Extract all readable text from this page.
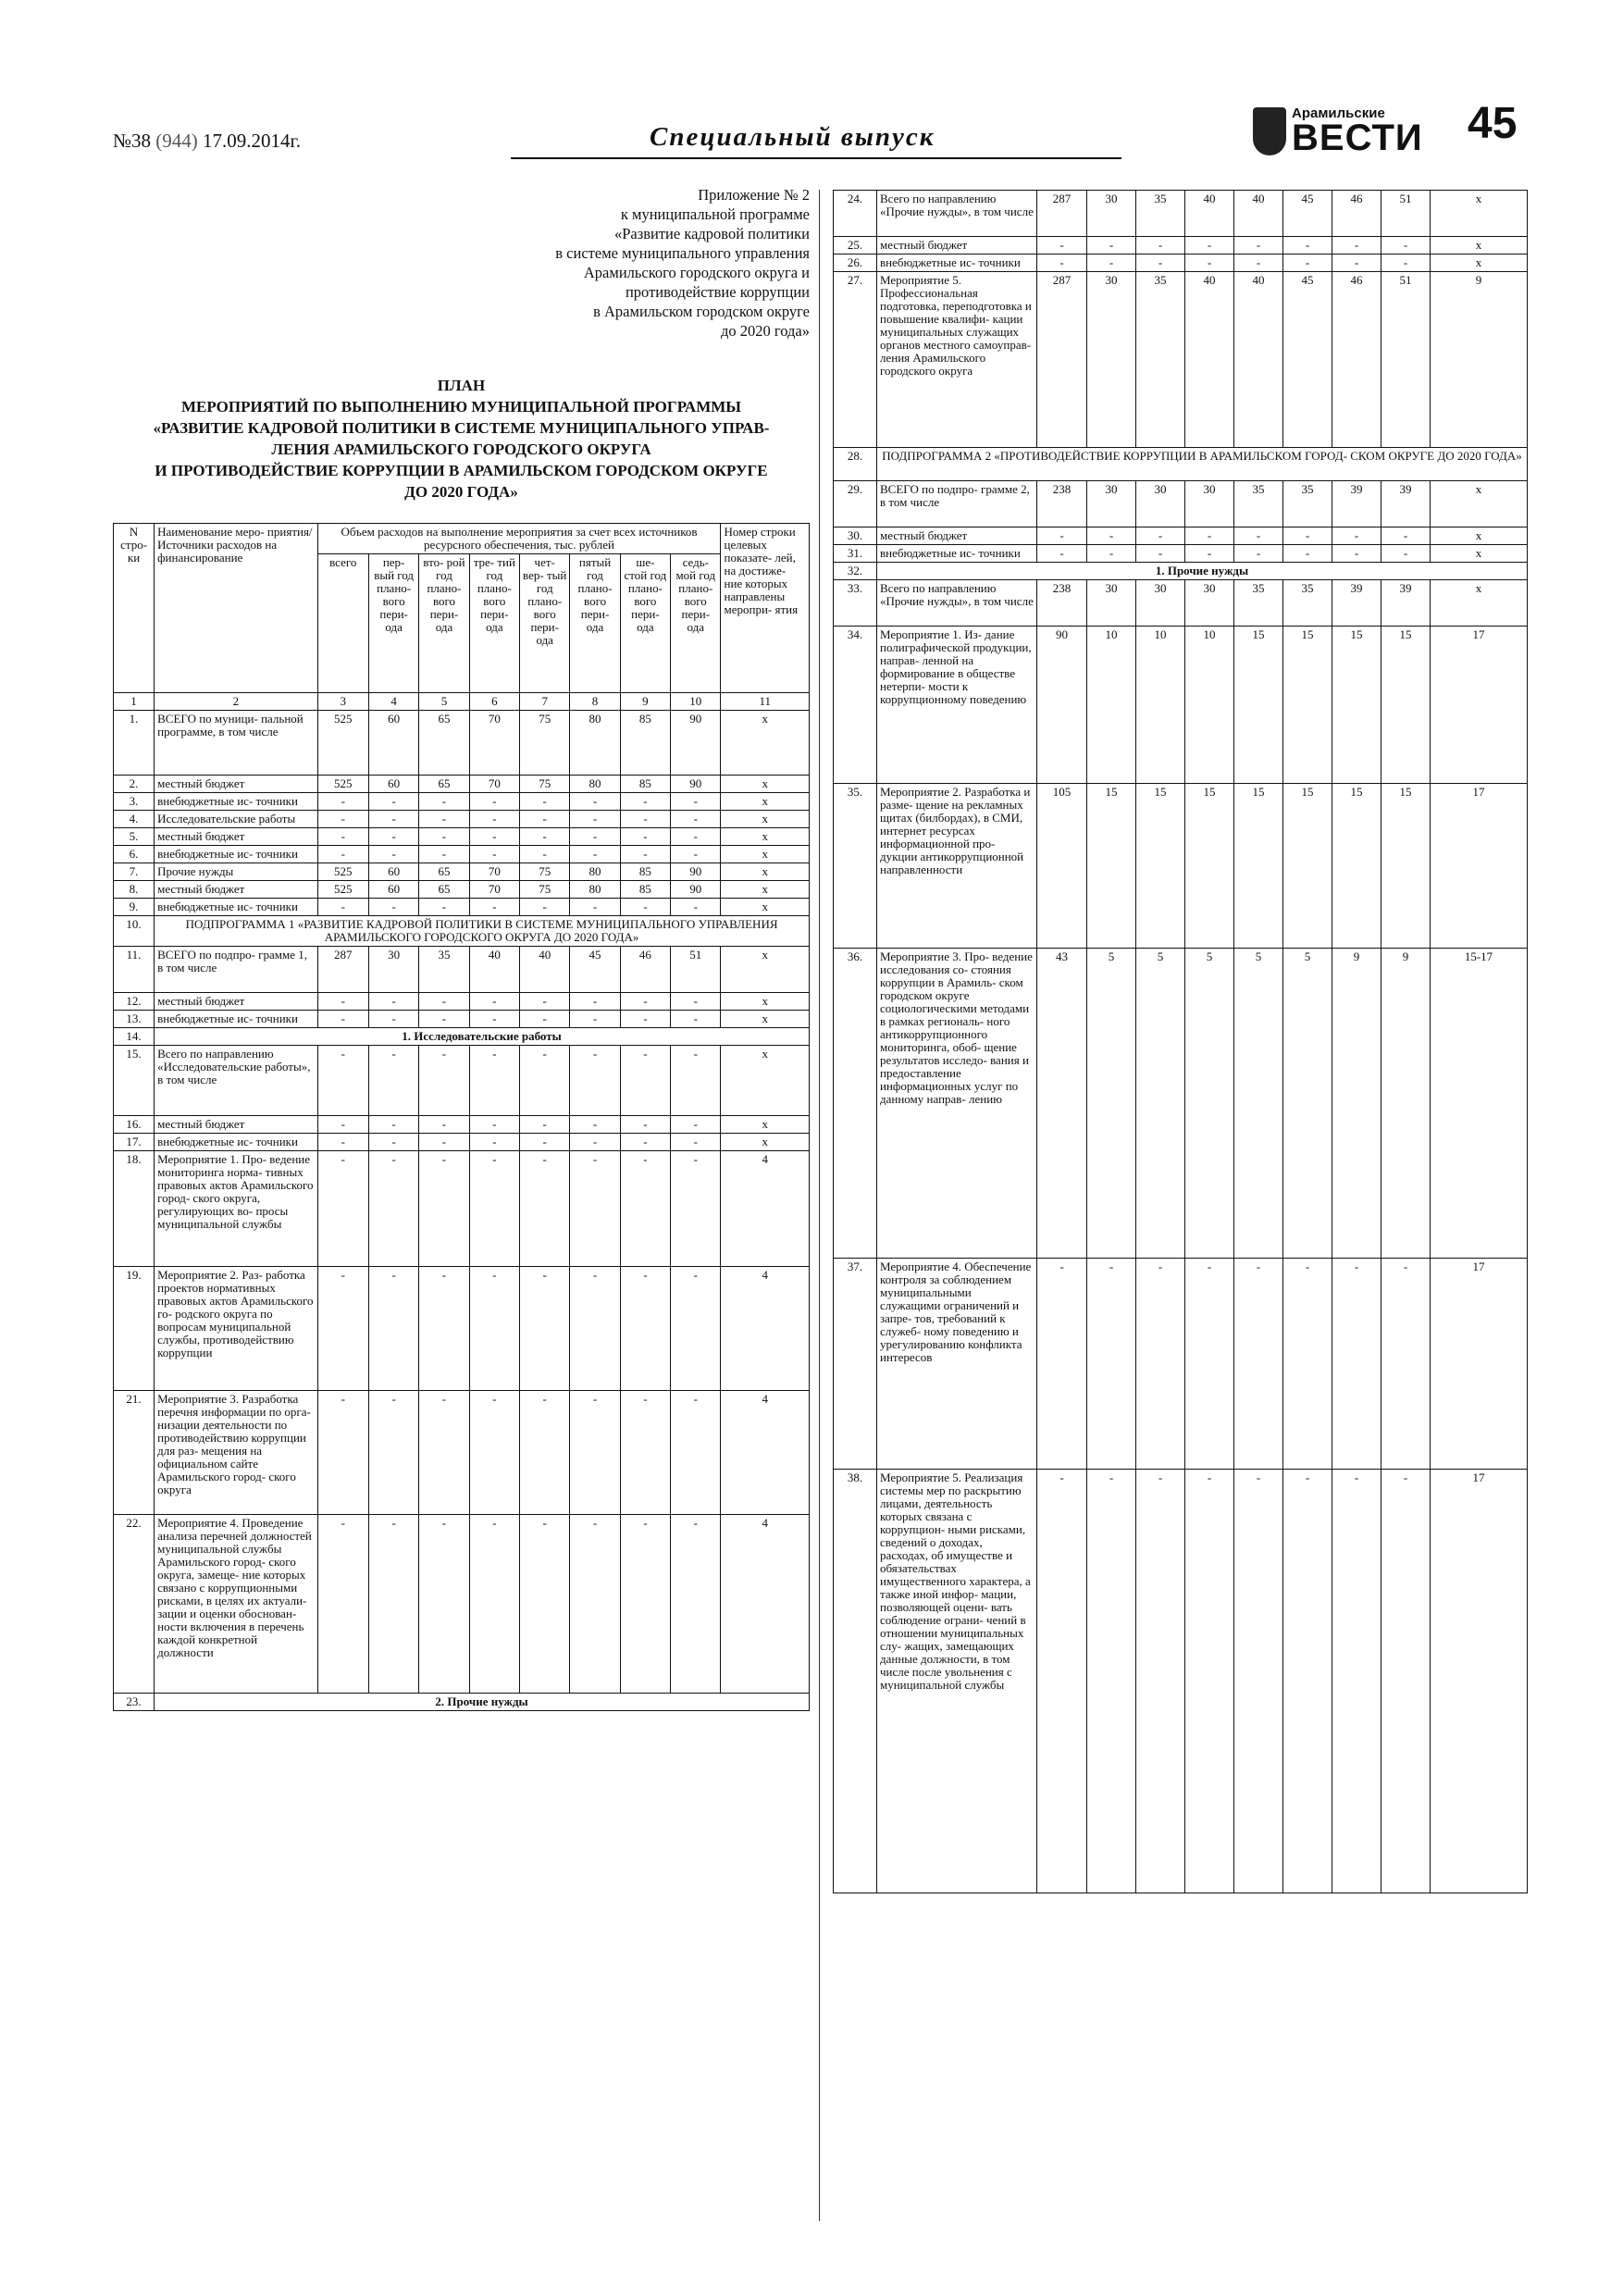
№38 (944) 17.09.2014г.	Специальный выпуск
Арамильские
ВЕСТИ 45
Приложение № 2
к муниципальной программе
«Развитие кадровой политики
в системе муниципального управления
Арамильского городского округа и
противодействие коррупции
в Арамильском городском округе
до 2020 года»
ПЛАН
МЕРОПРИЯТИЙ ПО ВЫПОЛНЕНИЮ МУНИЦИПАЛЬНОЙ ПРОГРАММЫ
«РАЗВИТИЕ КАДРОВОЙ ПОЛИТИКИ В СИСТЕМЕ МУНИЦИПАЛЬНОГО УПРАВ-
ЛЕНИЯ АРАМИЛЬСКОГО ГОРОДСКОГО ОКРУГА
И ПРОТИВОДЕЙСТВИЕ КОРРУПЦИИ В АРАМИЛЬСКОМ ГОРОДСКОМ ОКРУГЕ
ДО 2020 ГОДА»
N стро- ки	Наименование меро- приятия/ Источники расходов на финансирование	Объем расходов на выполнение мероприятия за счет всех источников ресурсного обеспечения, тыс. рублей								Номер строки целевых показате- лей, на достиже- ние которых направлены меропри- ятия
		всего	пер- вый год плано- вого пери- ода	вто- рой год плано- вого пери- ода	тре- тий год плано- вого пери- ода	чет- вер- тый год плано- вого пери- ода	пятый год плано- вого пери- ода	ше- стой год плано- вого пери- ода	седь- мой год плано- вого пери- ода	
1	2	3	4	5	6	7	8	9	10	11
1.	ВСЕГО по муници- пальной программе, в том числе	525	60	65	70	75	80	85	90	x
2.	местный бюджет	525	60	65	70	75	80	85	90	x
3.	внебюджетные ис- точники	-	-	-	-	-	-	-	-	x
4.	Исследовательские работы	-	-	-	-	-	-	-	-	x
5.	местный бюджет	-	-	-	-	-	-	-	-	x
6.	внебюджетные ис- точники	-	-	-	-	-	-	-	-	x
7.	Прочие нужды	525	60	65	70	75	80	85	90	x
8.	местный бюджет	525	60	65	70	75	80	85	90	x
9.	внебюджетные ис- точники	-	-	-	-	-	-	-	-	x
10.	ПОДПРОГРАММА 1 «РАЗВИТИЕ КАДРОВОЙ ПОЛИТИКИ В СИСТЕМЕ МУНИЦИПАЛЬНОГО УПРАВЛЕНИЯ АРАМИЛЬСКОГО ГОРОДСКОГО ОКРУГА ДО 2020 ГОДА»									
11.	ВСЕГО по подпро- грамме 1, в том числе	287	30	35	40	40	45	46	51	x
12.	местный бюджет	-	-	-	-	-	-	-	-	x
13.	внебюджетные ис- точники	-	-	-	-	-	-	-	-	x
14.	1. Исследовательские работы									
15.	Всего по направлению «Исследовательские работы», в том числе	-	-	-	-	-	-	-	-	x
16.	местный бюджет	-	-	-	-	-	-	-	-	x
17.	внебюджетные ис- точники	-	-	-	-	-	-	-	-	x
18.	Мероприятие 1. Про- ведение мониторинга норма- тивных правовых актов Арамильского город- ского округа, регулирующих во- просы муниципальной службы	-	-	-	-	-	-	-	-	4
19.	Мероприятие 2. Раз- работка проектов нормативных правовых актов Арамильского го- родского округа по вопросам муниципальной службы, противодействию коррупции	-	-	-	-	-	-	-	-	4
21.	Мероприятие 3. Разработка перечня информации по орга- низации деятельности по противодействию коррупции для раз- мещения на официальном сайте Арамильского город- ского округа	-	-	-	-	-	-	-	-	4
22.	Мероприятие 4. Проведение анализа перечней должностей муниципальной службы Арамильского город- ского округа, замеще- ние которых связано с коррупционными рисками, в целях их актуали- зации и оценки обоснован- ности включения в перечень каждой конкретной должности	-	-	-	-	-	-	-	-	4
23.	2. Прочие нужды									
24.	Всего по направлению «Прочие нужды», в том числе	287	30	35	40	40	45	46	51	x
25.	местный бюджет	-	-	-	-	-	-	-	-	x
26.	внебюджетные ис- точники	-	-	-	-	-	-	-	-	x
27.	Мероприятие 5. Профессиональная подготовка, переподготовка и повышение квалифи- кации муниципальных служащих органов местного самоуправ- ления Арамильского городского округа	287	30	35	40	40	45	46	51	9
28.	ПОДПРОГРАММА 2 «ПРОТИВОДЕЙСТВИЕ КОРРУПЦИИ В АРАМИЛЬСКОМ ГОРОД- СКОМ ОКРУГЕ ДО 2020 ГОДА»									
29.	ВСЕГО по подпро- грамме 2, в том числе	238	30	30	30	35	35	39	39	x
30.	местный бюджет	-	-	-	-	-	-	-	-	x
31.	внебюджетные ис- точники	-	-	-	-	-	-	-	-	x
32.	1. Прочие нужды									
33.	Всего по направлению «Прочие нужды», в том числе	238	30	30	30	35	35	39	39	x
34.	Мероприятие 1. Из- дание полиграфической продукции, направ- ленной на формирование в обществе нетерпи- мости к коррупционному поведению	90	10	10	10	15	15	15	15	17
35.	Мероприятие 2. Разработка и разме- щение на рекламных щитах (билбордах), в СМИ, интернет ресурсах информационной про- дукции антикоррупционной направленности	105	15	15	15	15	15	15	15	17
36.	Мероприятие 3. Про- ведение исследования со- стояния коррупции в Арамиль- ском городском округе социологическими методами в рамках региональ- ного антикоррупционного мониторинга, обоб- щение результатов исследо- вания и предоставление информационных услуг по данному направ- лению	43	5	5	5	5	5	9	9	15-17
37.	Мероприятие 4. Обеспечение контроля за соблюдением муниципальными служащими ограничений и запре- тов, требований к служеб- ному поведению и урегулированию конфликта интересов	-	-	-	-	-	-	-	-	17
38.	Мероприятие 5. Реализация системы мер по раскрытию лицами, деятельность которых связана с коррупцион- ными рисками, сведений о доходах, расходах, об имуществе и обязательствах имущественного характера, а также иной инфор- мации, позволяющей оцени- вать соблюдение ограни- чений в отношении муниципальных слу- жащих, замещающих данные должности, в том числе после увольнения с муниципальной службы	-	-	-	-	-	-	-	-	17
